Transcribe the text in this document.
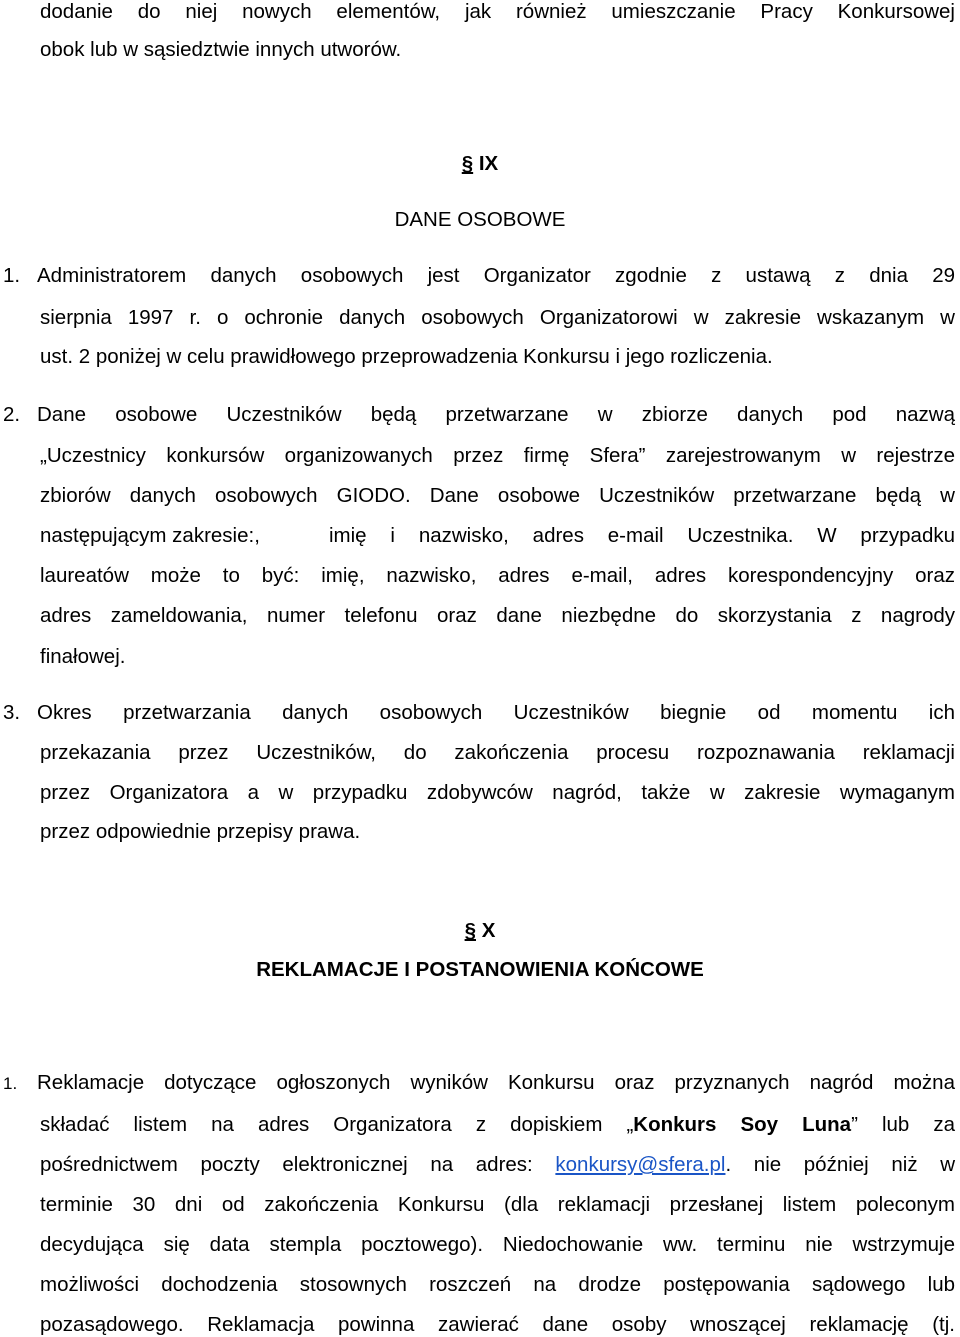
dodanie do niej nowych elementów, jak również umieszczanie Pracy Konkursowej
obok lub w sąsiedztwie innych utworów.
§ IX
DANE OSOBOWE
1. Administratorem danych osobowych jest Organizator zgodnie z ustawą z dnia 29
sierpnia 1997 r. o ochronie danych osobowych Organizatorowi w zakresie wskazanym w
ust. 2 poniżej w celu prawidłowego przeprowadzenia Konkursu i jego rozliczenia.
2. Dane osobowe Uczestników będą przetwarzane w zbiorze danych pod nazwą
„Uczestnicy konkursów organizowanych przez firmę Sfera” zarejestrowanym w rejestrze
zbiorów danych osobowych GIODO. Dane osobowe Uczestników przetwarzane będą w
następującym zakresie:,	imię i nazwisko, adres e-mail Uczestnika. W przypadku
laureatów może to być: imię, nazwisko, adres e-mail, adres korespondencyjny oraz
adres zameldowania, numer telefonu oraz dane niezbędne do skorzystania z nagrody
finałowej.
3. Okres przetwarzania danych osobowych Uczestników biegnie od momentu ich
przekazania przez Uczestników, do zakończenia procesu rozpoznawania reklamacji
przez Organizatora a w przypadku zdobywców nagród, także w zakresie wymaganym
przez odpowiednie przepisy prawa.
§ X
REKLAMACJE I POSTANOWIENIA KOŃCOWE
1. Reklamacje dotyczące ogłoszonych wyników Konkursu oraz przyznanych nagród można
składać listem na adres Organizatora z dopiskiem „Konkurs Soy Luna” lub za
pośrednictwem poczty elektronicznej na adres: konkursy@sfera.pl. nie później niż w
terminie 30 dni od zakończenia Konkursu (dla reklamacji przesłanej listem poleconym
decydująca się data stempla pocztowego). Niedochowanie ww. terminu nie wstrzymuje
możliwości dochodzenia stosownych roszczeń na drodze postępowania sądowego lub
pozasądowego. Reklamacja powinna zawierać dane osoby wnoszącej reklamację (tj.
